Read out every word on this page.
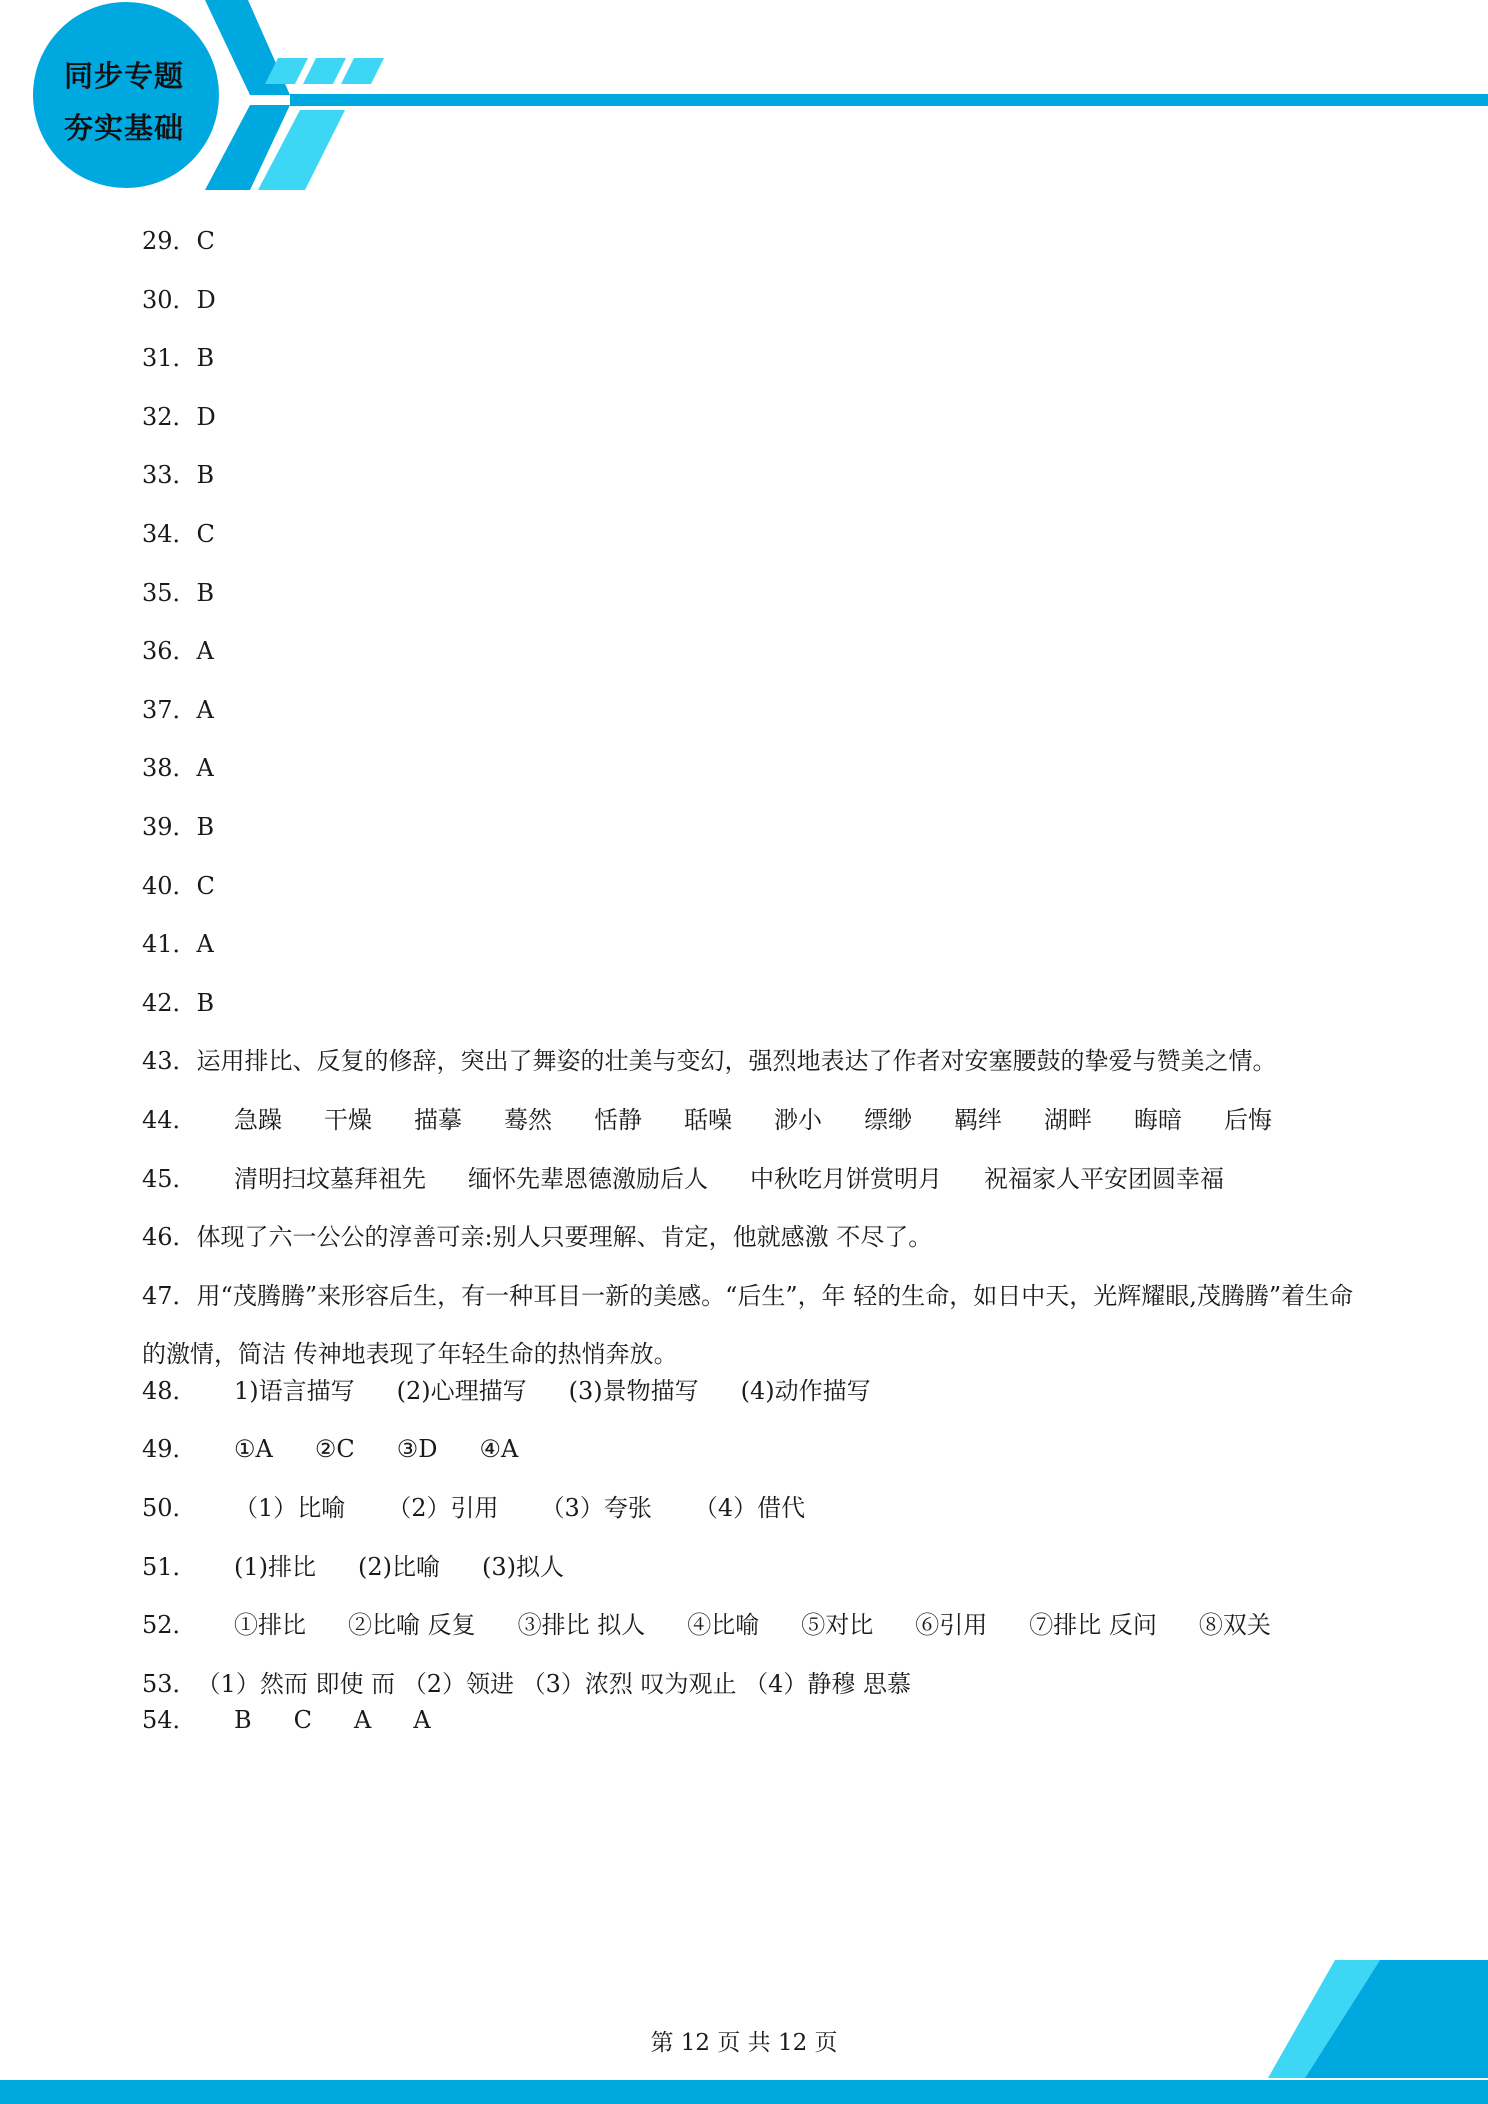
同步专题
夯实基础
29．C
30．D
31．B
32．D
33．B
34．C
35．B
36．A
37．A
38．A
39．B
40．C
41．A
42．B
43．运用排比、反复的修辞，突出了舞姿的壮美与变幻，强烈地表达了作者对安塞腰鼓的挚爱与赞美之情。
44． 急躁 干燥 描摹 蓦然 恬静 聒噪 渺小 缥缈 羁绊 湖畔 晦暗 后悔
45． 清明扫坟墓拜祖先 缅怀先辈恩德激励后人 中秋吃月饼赏明月 祝福家人平安团圆幸福
46．体现了六一公公的淳善可亲:别人只要理解、肯定，他就感激 不尽了。
47．用“茂腾腾”来形容后生，有一种耳目一新的美感。“后生”，年 轻的生命，如日中天，光辉耀眼,茂腾腾”着生命的激情，简洁 传神地表现了年轻生命的热悄奔放。
48． 1)语言描写 (2)心理描写 (3)景物描写 (4)动作描写
49． ①A ②C ③D ④A
50． （1）比喻 （2）引用 （3）夸张 （4）借代
51． (1)排比 (2)比喻 (3)拟人
52． ①排比 ②比喻 反复 ③排比 拟人 ④比喻 ⑤对比 ⑥引用 ⑦排比 反问 ⑧双关
53．（1）然而 即使 而 （2）领进 （3）浓烈 叹为观止 （4）静穆 思慕
54． B C A A
第 12 页 共 12 页
